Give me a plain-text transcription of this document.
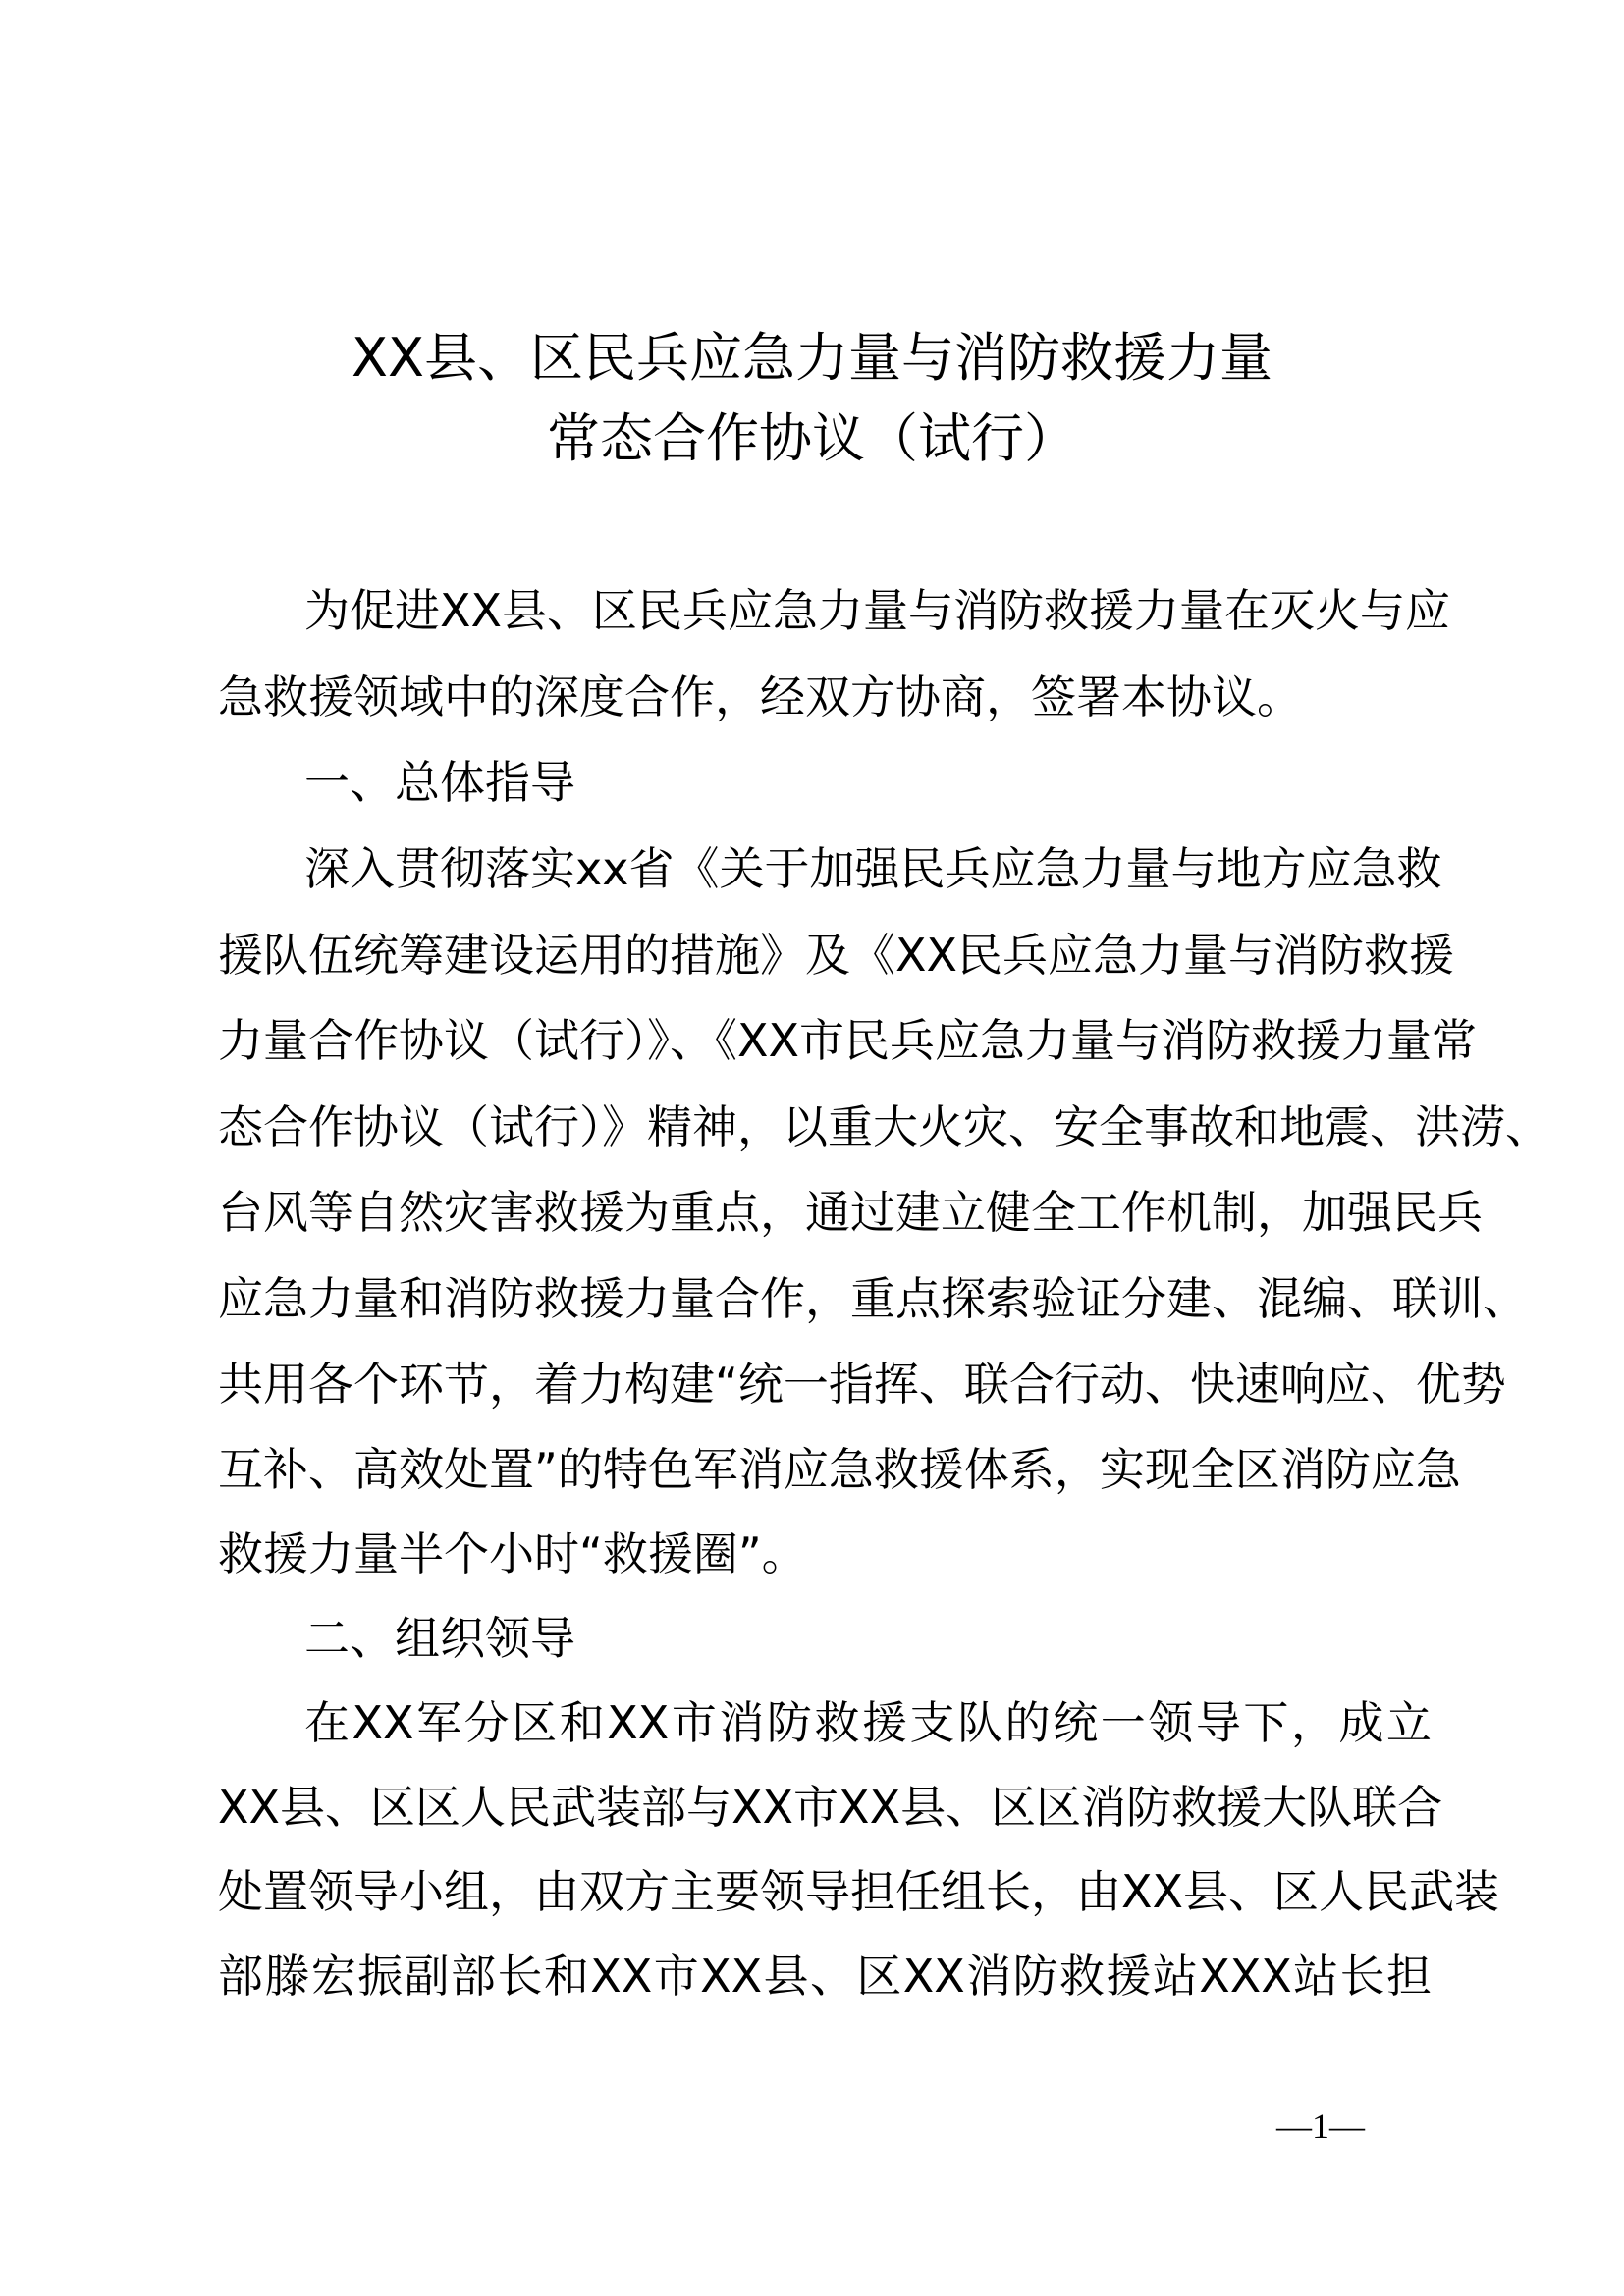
XX县、区民兵应急力量与消防救援力量
常态合作协议（试行）
为促进XX县、区民兵应急力量与消防救援力量在灭火与应
急救援领域中的深度合作，经双方协商，签署本协议。
一、总体指导
深入贯彻落实xx省《关于加强民兵应急力量与地方应急救
援队伍统筹建设运用的措施》及《XX民兵应急力量与消防救援
力量合作协议（试行）》、《XX市民兵应急力量与消防救援力量常
态合作协议（试行）》精神，以重大火灾、安全事故和地震、洪涝、
台风等自然灾害救援为重点，通过建立健全工作机制，加强民兵
应急力量和消防救援力量合作，重点探索验证分建、混编、联训、
共用各个环节，着力构建“统一指挥、联合行动、快速响应、优势
互补、高效处置”的特色军消应急救援体系，实现全区消防应急
救援力量半个小时“救援圈”。
二、组织领导
在XX军分区和XX市消防救援支队的统一领导下，成立
XX县、区区人民武装部与XX市XX县、区区消防救援大队联合
处置领导小组，由双方主要领导担任组长，由XX县、区人民武装
部滕宏振副部长和XX市XX县、区XX消防救援站XXX站长担
—1—
